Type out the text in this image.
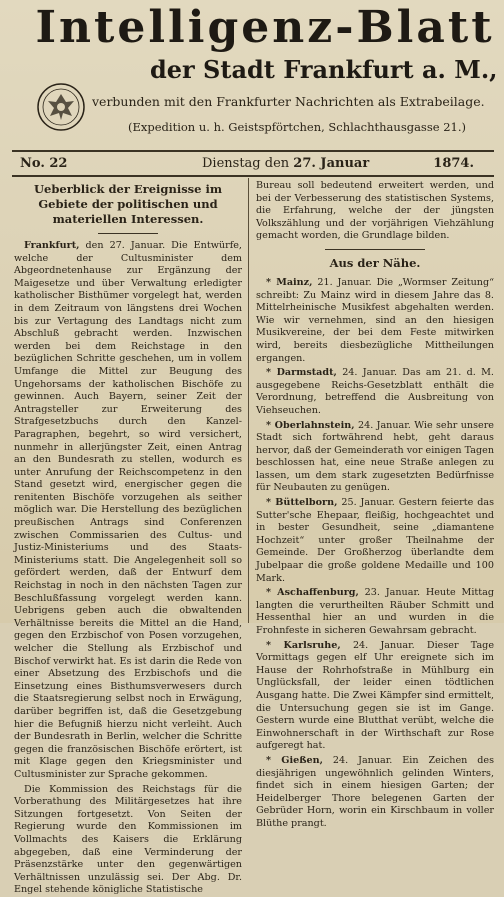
Intelligenz-Blatt
der Stadt Frankfurt a. M.,
verbunden mit den Frankfurter Nachrichten als Extrabeilage.
(Expedition u. h. Geistspförtchen, Schlachthausgasse 21.)
No. 22	Dienstag den 27. Januar	1874.
Ueberblick der Ereignisse im Gebiete der politischen und materiellen Interessen.

Frankfurt, den 27. Januar. Die Entwürfe, welche der Cultusminister dem Abgeordnetenhause zur Ergänzung der Maigesetze und über Verwaltung erledigter katholischer Bisthümer vorgelegt hat, werden in dem Zeitraum von längstens drei Wochen bis zur Vertagung des Landtags nicht zum Abschluß gebracht werden. Inzwischen werden bei dem Reichstage in den bezüglichen Schritte geschehen, um in vollem Umfange die Mittel zur Beugung des Ungehorsams der katholischen Bischöfe zu gewinnen. Auch Bayern, seiner Zeit der Antragsteller zur Erweiterung des Strafgesetzbuchs durch den Kanzel-Paragraphen, begehrt, so wird versichert, nunmehr in allerjüngster Zeit, einen Antrag an den Bundesrath zu stellen, wodurch es unter Anrufung der Reichscompetenz in den Stand gesetzt wird, energischer gegen die renitenten Bischöfe vorzugehen als seither möglich war. Die Herstellung des bezüglichen preußischen Antrags sind Conferenzen zwischen Commissarien des Cultus- und Justiz-Ministeriums und des Staats-Ministeriums statt. Die Angelegenheit soll so gefördert werden, daß der Entwurf dem Reichstag in noch in den nächsten Tagen zur Beschlußfassung vorgelegt werden kann. Uebrigens geben auch die obwaltenden Verhältnisse bereits die Mittel an die Hand, gegen den Erzbischof von Posen vorzugehen, welcher die Stellung als Erzbischof und Bischof verwirkt hat. Es ist darin die Rede von einer Absetzung des Erzbischofs und die Einsetzung eines Bisthumsverwesers durch die Staatsregierung selbst noch in Erwägung, darüber begriffen ist, daß die Gesetzgebung hier die Befugniß hierzu nicht verleiht. Auch der Bundesrath in Berlin, welcher die Schritte gegen die französischen Bischöfe erörtert, ist mit Klage gegen den Kriegsminister und Cultusminister zur Sprache gekommen.

Die Kommission des Reichstags für die Vorberathung des Militärgesetzes hat ihre Sitzungen fortgesetzt. Von Seiten der Regierung wurde den Kommissionen im Vollmachts des Kaisers die Erklärung abgegeben, daß eine Verminderung der Präsenzstärke unter den gegenwärtigen Verhältnissen unzulässig sei. Der Abg. Dr. Engel stehende königliche Statistische

Bureau soll bedeutend erweitert werden, und bei der Verbesserung des statistischen Systems, die Erfahrung, welche der der jüngsten Volkszählung und der vorjährigen Viehzählung gemacht worden, die Grundlage bilden.

Aus der Nähe.

* Mainz, 21. Januar. Die „Wormser Zeitung“ schreibt: Zu Mainz wird in diesem Jahre das 8. Mittelrheinische Musikfest abgehalten werden. Wie wir vernehmen, sind an den hiesigen Musikvereine, der bei dem Feste mitwirken wird, bereits diesbezügliche Mittheilungen ergangen.

* Darmstadt, 24. Januar. Das am 21. d. M. ausgegebene Reichs-Gesetzblatt enthält die Verordnung, betreffend die Ausbreitung von Viehseuchen.

* Oberlahnstein, 24. Januar. Wie sehr unsere Stadt sich fortwährend hebt, geht daraus hervor, daß der Gemeinderath vor einigen Tagen beschlossen hat, eine neue Straße anlegen zu lassen, um dem stark zugesetzten Bedürfnisse für Neubauten zu genügen.

* Büttelborn, 25. Januar. Gestern feierte das Sutter'sche Ehepaar, fleißig, hochgeachtet und in bester Gesundheit, seine „diamantene Hochzeit“ unter großer Theilnahme der Gemeinde. Der Großherzog überlandte dem Jubelpaar die große goldene Medaille und 100 Mark.

* Aschaffenburg, 23. Januar. Heute Mittag langten die verurtheilten Räuber Schmitt und Hessenthal hier an und wurden in die Frohnfeste in sicheren Gewahrsam gebracht.

* Karlsruhe, 24. Januar. Dieser Tage Vormittags gegen elf Uhr ereignete sich im Hause der Rohrhofstraße in Mühlburg ein Unglücksfall, der leider einen tödtlichen Ausgang hatte. Die Zwei Kämpfer sind ermittelt, die Untersuchung gegen sie ist im Gange. Gestern wurde eine Blutthat verübt, welche die Einwohnerschaft in der Wirthschaft zur Rose aufgeregt hat.

* Gießen, 24. Januar. Ein Zeichen des diesjährigen ungewöhnlich gelinden Winters, findet sich in einem hiesigen Garten; der Heidelberger Thore belegenen Garten der Gebrüder Horn, worin ein Kirschbaum in voller Blüthe prangt.
